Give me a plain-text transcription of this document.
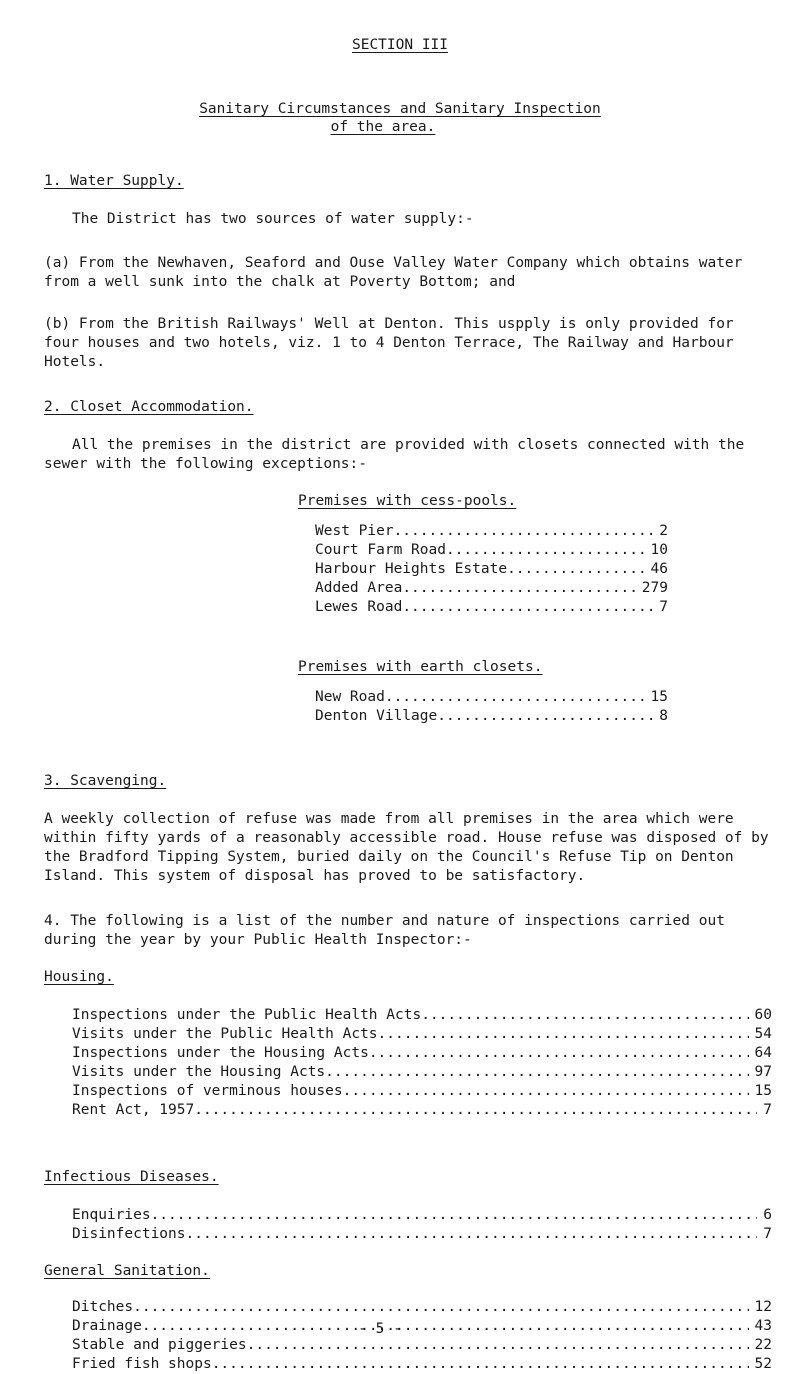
SECTION III
Sanitary Circumstances and Sanitary Inspection
of the area.
1. Water Supply.
The District has two sources of water supply:-
(a) From the Newhaven, Seaford and Ouse Valley Water Company which obtains water from a well sunk into the chalk at Poverty Bottom; and
(b) From the British Railways' Well at Denton. This uspply is only provided for four houses and two hotels, viz. 1 to 4 Denton Terrace, The Railway and Harbour Hotels.
2. Closet Accommodation.
All the premises in the district are provided with closets connected with the sewer with the following exceptions:-
Premises with cess-pools.
West Pier .....	2
Court Farm Road .....	10
Harbour Heights Estate .....	46
Added Area .....	279
Lewes Road .....	7
Premises with earth closets.
New Road .....	15
Denton Village .....	8
3. Scavenging.
A weekly collection of refuse was made from all premises in the area which were within fifty yards of a reasonably accessible road. House refuse was disposed of by the Bradford Tipping System, buried daily on the Council's Refuse Tip on Denton Island. This system of disposal has proved to be satisfactory.
4. The following is a list of the number and nature of inspections carried out during the year by your Public Health Inspector:-
Housing.
Inspections under the Public Health Acts .....	60
Visits under the Public Health Acts .....	54
Inspections under the Housing Acts .....	64
Visits under the Housing Acts .....	97
Inspections of verminous houses .....	15
Rent Act, 1957 .....	7
Infectious Diseases.
Enquiries .....	6
Disinfections .....	7
General Sanitation.
Ditches .....	12
Drainage .....	43
Stable and piggeries .....	22
Fried fish shops .....	52
- 5 -
